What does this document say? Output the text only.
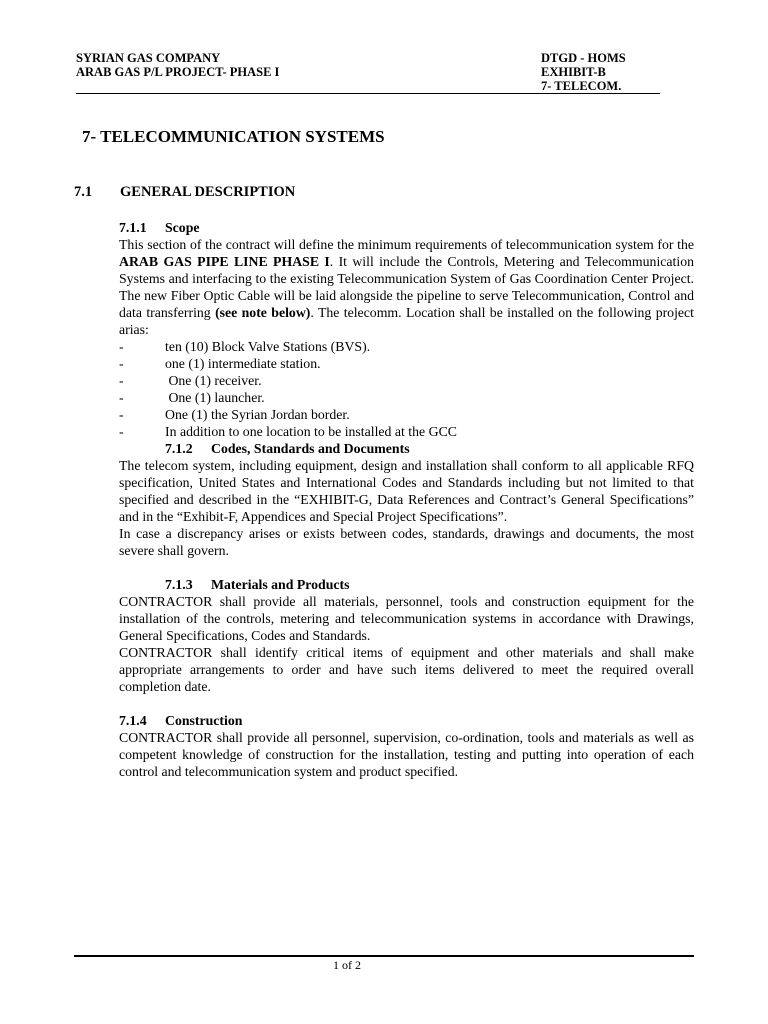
SYRIAN GAS COMPANY
ARAB GAS P/L PROJECT- PHASE I
DTGD - HOMS
EXHIBIT-B
7- TELECOM.
7- TELECOMMUNICATION SYSTEMS
7.1 GENERAL DESCRIPTION
7.1.1 Scope

This section of the contract will define the minimum requirements of telecommunication system for the ARAB GAS PIPE LINE PHASE I. It will include the Controls, Metering and Telecommunication Systems and interfacing to the existing Telecommunication System of Gas Coordination Center Project. The new Fiber Optic Cable will be laid alongside the pipeline to serve Telecommunication, Control and data transferring (see note below). The telecomm. Location shall be installed on the following project arias:

-	ten (10) Block Valve Stations (BVS).
-	one (1) intermediate station.
-	One (1) receiver.
-	One (1) launcher.
-	One (1) the Syrian Jordan border.
-	In addition to one location to be installed at the GCC
7.1.2 Codes, Standards and Documents

The telecom system, including equipment, design and installation shall conform to all applicable RFQ specification, United States and International Codes and Standards including but not limited to that specified and described in the “EXHIBIT-G, Data References and Contract’s General Specifications” and in the “Exhibit-F, Appendices and Special Project Specifications”.

In case a discrepancy arises or exists between codes, standards, drawings and documents, the most severe shall govern.

7.1.3 Materials and Products

CONTRACTOR shall provide all materials, personnel, tools and construction equipment for the installation of the controls, metering and telecommunication systems in accordance with Drawings, General Specifications, Codes and Standards.

CONTRACTOR shall identify critical items of equipment and other materials and shall make appropriate arrangements to order and have such items delivered to meet the required overall completion date.

7.1.4 Construction

CONTRACTOR shall provide all personnel, supervision, co-ordination, tools and materials as well as competent knowledge of construction for the installation, testing and putting into operation of each control and telecommunication system and product specified.

1 of 2
